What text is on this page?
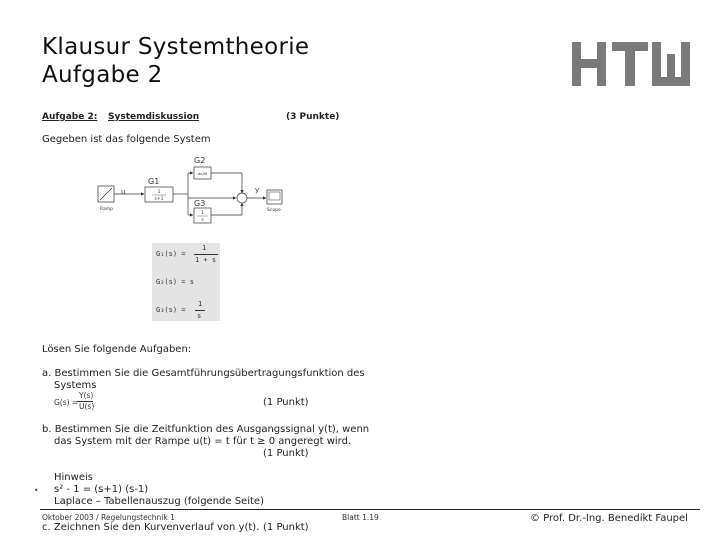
Klausur Systemtheorie
Aufgabe 2
HTW
Aufgabe 2: Systemdiskussion	(3 Punkte)
Gegeben ist das folgende System
Ramp
u	1
s+1
G1
du/dt
G2
1
s
G3
y
Scope
G₁(s) =
1
1 + s
G₂(s) = s
G₃(s) =
1
s
Lösen Sie folgende Aufgaben:
a. Bestimmen Sie die Gesamtführungsübertragungsfunktion des
Systems
G(s) =
Y(s)
U(s)	(1 Punkt)
b. Bestimmen Sie die Zeitfunktion des Ausgangssignal y(t), wenn
das System mit der Rampe u(t) = t für t ≥ 0 angeregt wird.
(1 Punkt)
Hinweis
• s² - 1 = (s+1) (s-1)
Laplace – Tabellenauszug (folgende Seite)
Oktober 2003 / Regelungstechnik 1
c. Zeichnen Sie den Kurvenverlauf von y(t). (1 Punkt)
Blatt 1.19	© Prof. Dr.-Ing. Benedikt Faupel
